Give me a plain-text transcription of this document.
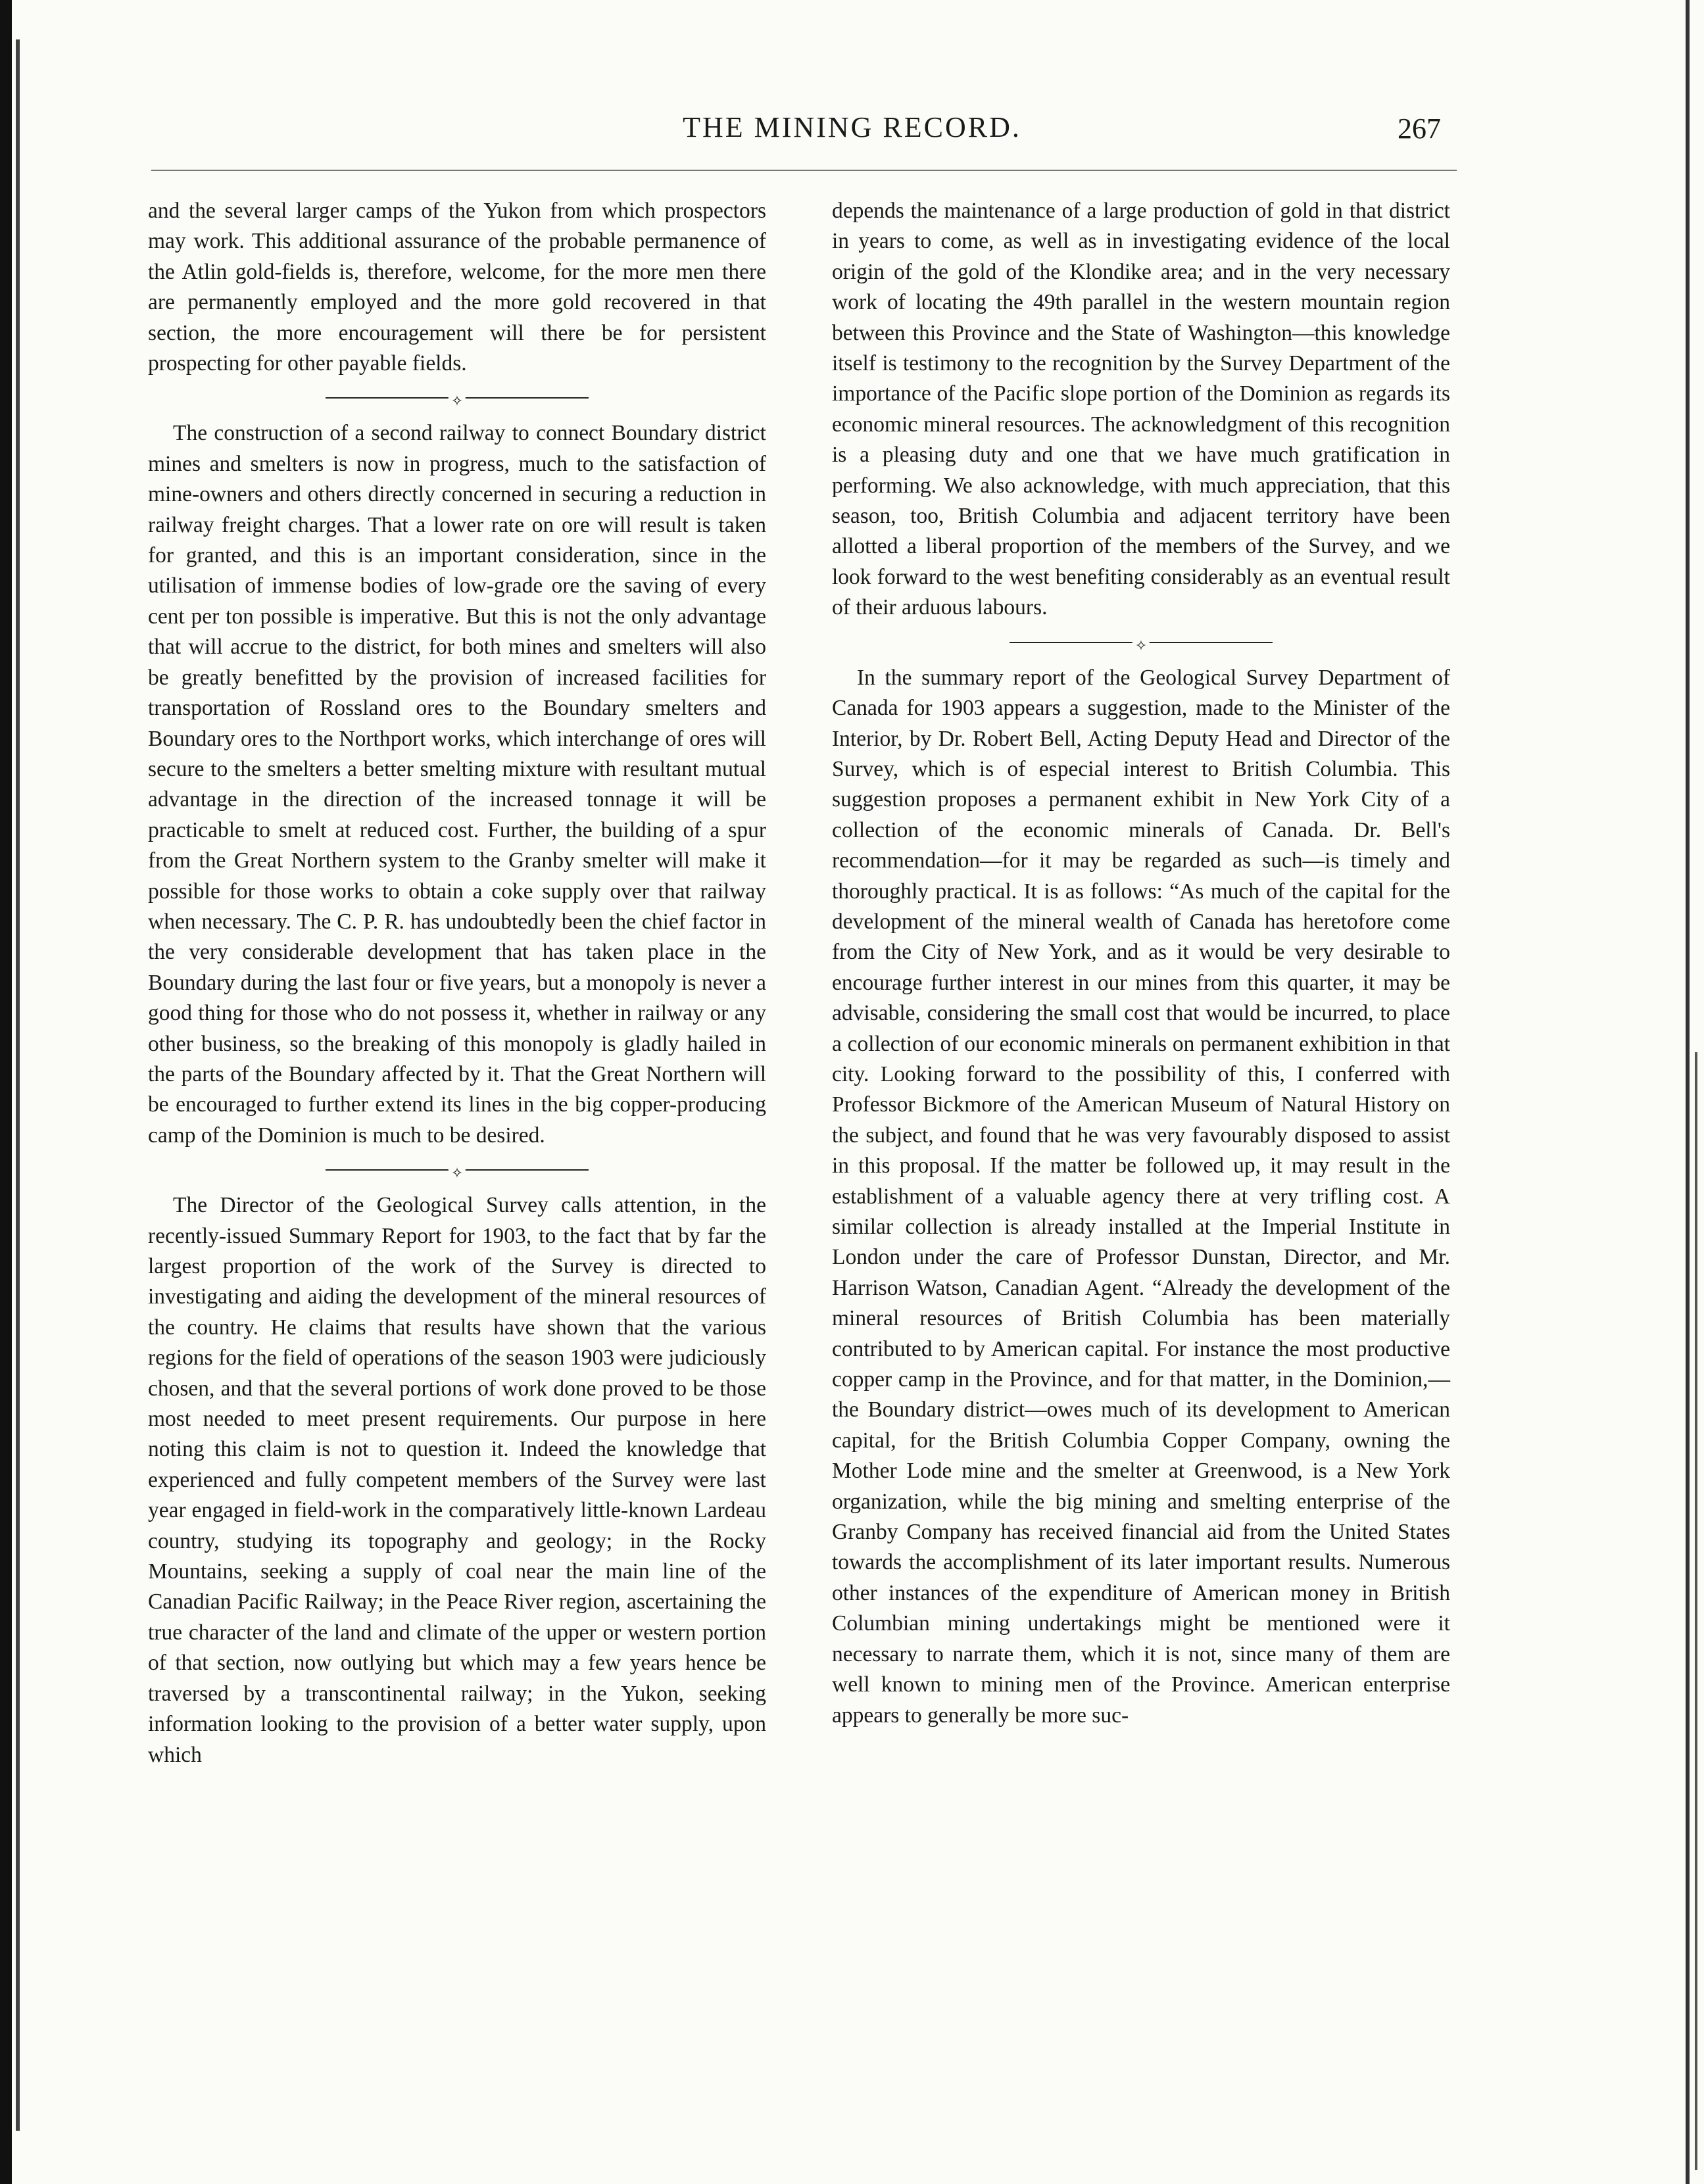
THE MINING RECORD.	267

and the several larger camps of the Yukon from which prospectors may work. This additional assurance of the probable permanence of the Atlin gold-fields is, therefore, welcome, for the more men there are permanently employed and the more gold recovered in that section, the more encouragement will there be for persistent prospecting for other payable fields.

✧

The construction of a second railway to connect Boundary district mines and smelters is now in progress, much to the satisfaction of mine-owners and others directly concerned in securing a reduction in railway freight charges. That a lower rate on ore will result is taken for granted, and this is an important consideration, since in the utilisation of immense bodies of low-grade ore the saving of every cent per ton possible is imperative. But this is not the only advantage that will accrue to the district, for both mines and smelters will also be greatly benefitted by the provision of increased facilities for transportation of Rossland ores to the Boundary smelters and Boundary ores to the Northport works, which interchange of ores will secure to the smelters a better smelting mixture with resultant mutual advantage in the direction of the increased tonnage it will be practicable to smelt at reduced cost. Further, the building of a spur from the Great Northern system to the Granby smelter will make it possible for those works to obtain a coke supply over that railway when necessary. The C. P. R. has undoubtedly been the chief factor in the very considerable development that has taken place in the Boundary during the last four or five years, but a monopoly is never a good thing for those who do not possess it, whether in railway or any other business, so the breaking of this monopoly is gladly hailed in the parts of the Boundary affected by it. That the Great Northern will be encouraged to further extend its lines in the big copper-producing camp of the Dominion is much to be desired.

✧

The Director of the Geological Survey calls attention, in the recently-issued Summary Report for 1903, to the fact that by far the largest proportion of the work of the Survey is directed to investigating and aiding the development of the mineral resources of the country. He claims that results have shown that the various regions for the field of operations of the season 1903 were judiciously chosen, and that the several portions of work done proved to be those most needed to meet present requirements. Our purpose in here noting this claim is not to question it. Indeed the knowledge that experienced and fully competent members of the Survey were last year engaged in field-work in the comparatively little-known Lardeau country, studying its topography and geology; in the Rocky Mountains, seeking a supply of coal near the main line of the Canadian Pacific Railway; in the Peace River region, ascertaining the true character of the land and climate of the upper or western portion of that section, now outlying but which may a few years hence be traversed by a transcontinental railway; in the Yukon, seeking information looking to the provision of a better water supply, upon which

depends the maintenance of a large production of gold in that district in years to come, as well as in investigating evidence of the local origin of the gold of the Klondike area; and in the very necessary work of locating the 49th parallel in the western mountain region between this Province and the State of Washington—this knowledge itself is testimony to the recognition by the Survey Department of the importance of the Pacific slope portion of the Dominion as regards its economic mineral resources. The acknowledgment of this recognition is a pleasing duty and one that we have much gratification in performing. We also acknowledge, with much appreciation, that this season, too, British Columbia and adjacent territory have been allotted a liberal proportion of the members of the Survey, and we look forward to the west benefiting considerably as an eventual result of their arduous labours.

✧

In the summary report of the Geological Survey Department of Canada for 1903 appears a suggestion, made to the Minister of the Interior, by Dr. Robert Bell, Acting Deputy Head and Director of the Survey, which is of especial interest to British Columbia. This suggestion proposes a permanent exhibit in New York City of a collection of the economic minerals of Canada. Dr. Bell's recommendation—for it may be regarded as such—is timely and thoroughly practical. It is as follows: “As much of the capital for the development of the mineral wealth of Canada has heretofore come from the City of New York, and as it would be very desirable to encourage further interest in our mines from this quarter, it may be advisable, considering the small cost that would be incurred, to place a collection of our economic minerals on permanent exhibition in that city. Looking forward to the possibility of this, I conferred with Professor Bickmore of the American Museum of Natural History on the subject, and found that he was very favourably disposed to assist in this proposal. If the matter be followed up, it may result in the establishment of a valuable agency there at very trifling cost. A similar collection is already installed at the Imperial Institute in London under the care of Professor Dunstan, Director, and Mr. Harrison Watson, Canadian Agent. “Already the development of the mineral resources of British Columbia has been materially contributed to by American capital. For instance the most productive copper camp in the Province, and for that matter, in the Dominion,—the Boundary district—owes much of its development to American capital, for the British Columbia Copper Company, owning the Mother Lode mine and the smelter at Greenwood, is a New York organization, while the big mining and smelting enterprise of the Granby Company has received financial aid from the United States towards the accomplishment of its later important results. Numerous other instances of the expenditure of American money in British Columbian mining undertakings might be mentioned were it necessary to narrate them, which it is not, since many of them are well known to mining men of the Province. American enterprise appears to generally be more suc-
